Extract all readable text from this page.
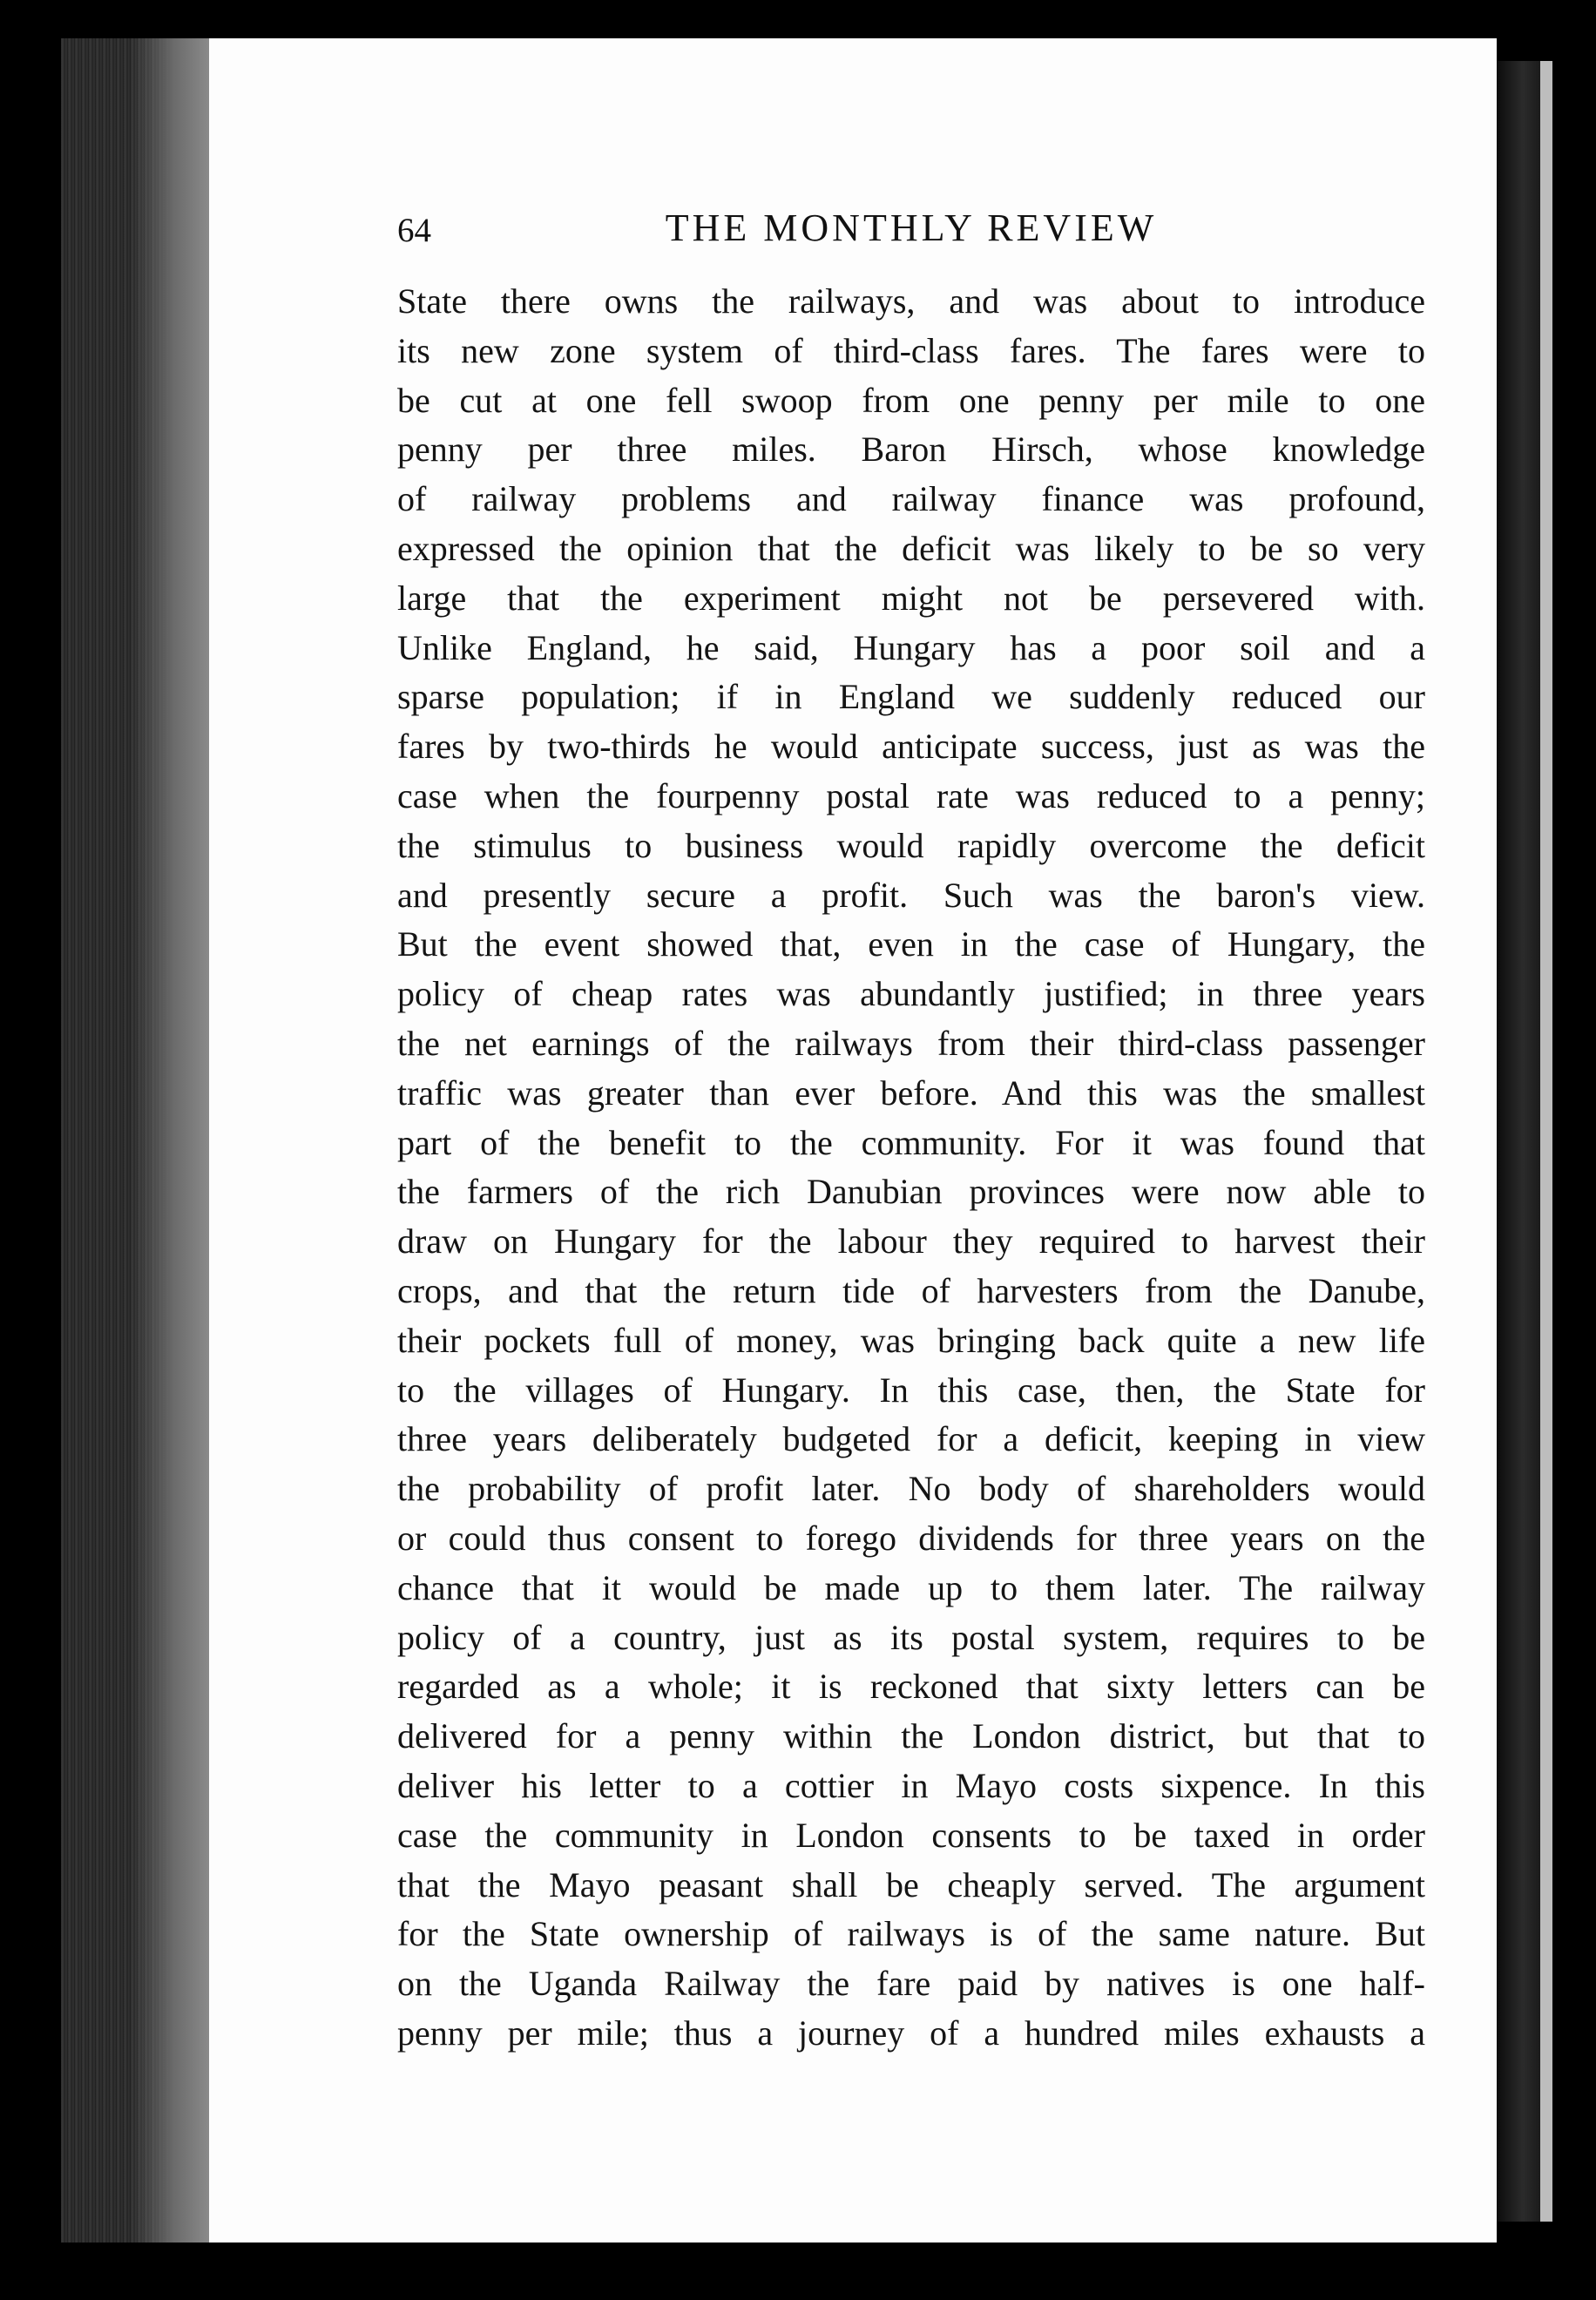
64	THE MONTHLY REVIEW
State there owns the railways, and was about to introduce
its new zone system of third-class fares. The fares were to
be cut at one fell swoop from one penny per mile to one
penny per three miles. Baron Hirsch, whose knowledge
of railway problems and railway finance was profound,
expressed the opinion that the deficit was likely to be so very
large that the experiment might not be persevered with.
Unlike England, he said, Hungary has a poor soil and a
sparse population; if in England we suddenly reduced our
fares by two-thirds he would anticipate success, just as was the
case when the fourpenny postal rate was reduced to a penny;
the stimulus to business would rapidly overcome the deficit
and presently secure a profit. Such was the baron's view.
But the event showed that, even in the case of Hungary, the
policy of cheap rates was abundantly justified; in three years
the net earnings of the railways from their third-class passenger
traffic was greater than ever before. And this was the smallest
part of the benefit to the community. For it was found that
the farmers of the rich Danubian provinces were now able to
draw on Hungary for the labour they required to harvest their
crops, and that the return tide of harvesters from the Danube,
their pockets full of money, was bringing back quite a new life
to the villages of Hungary. In this case, then, the State for
three years deliberately budgeted for a deficit, keeping in view
the probability of profit later. No body of shareholders would
or could thus consent to forego dividends for three years on the
chance that it would be made up to them later. The railway
policy of a country, just as its postal system, requires to be
regarded as a whole; it is reckoned that sixty letters can be
delivered for a penny within the London district, but that to
deliver his letter to a cottier in Mayo costs sixpence. In this
case the community in London consents to be taxed in order
that the Mayo peasant shall be cheaply served. The argument
for the State ownership of railways is of the same nature. But
on the Uganda Railway the fare paid by natives is one half-
penny per mile; thus a journey of a hundred miles exhausts a
